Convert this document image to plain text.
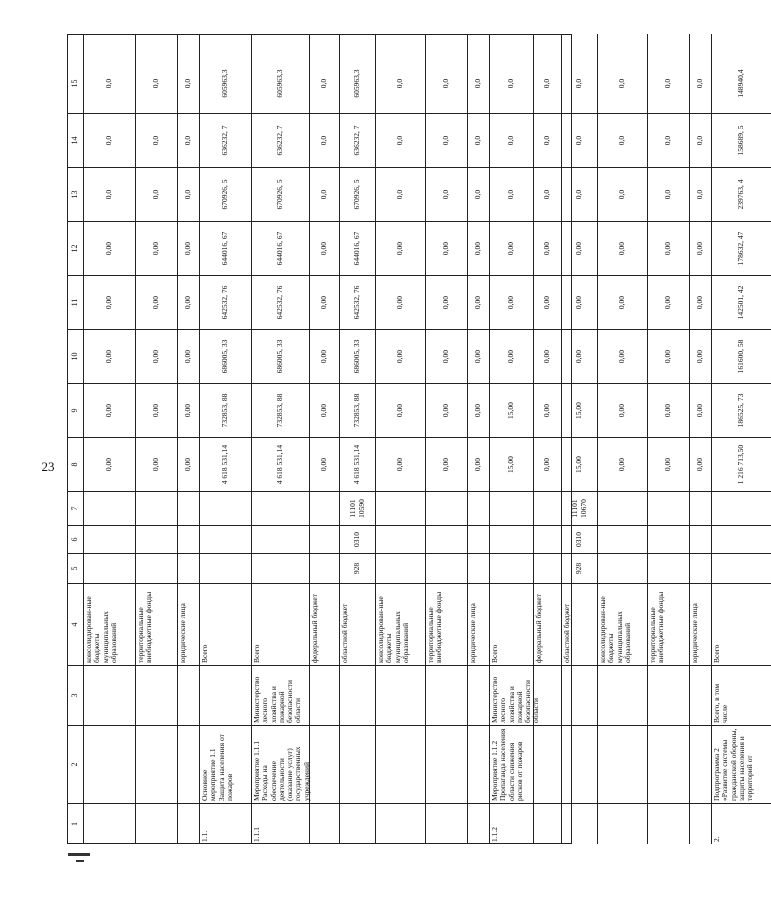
23
1
2
3
4
5
6
7
8
9
10
11
12
13
14
15
консолидирован-ные бюджеты муниципальных образований
0,00
0,00
0,00
0,00
0,00
0,0
0,0
0,0
территориальные внебюджетные фонды
0,00
0,00
0,00
0,00
0,00
0,0
0,0
0,0
юридические лица
0,00
0,00
0,00
0,00
0,00
0,0
0,0
0,0
1.1.
Основное мероприятие 1.1 Защита населения от пожаров
Всего
4 618 531,14
732853, 88
686005, 33
642532, 76
644016, 67
670926, 5
636232, 7
605963,3
1.1.1
Мероприятие 1.1.1 Расходы на обеспечение деятельности (оказание услуг) государственных учреждений
Министерство лесного хозяйства и пожарной безопасности области
Всего
4 618 531,14
732853, 88
686005, 33
642532, 76
644016, 67
670926, 5
636232, 7
605963,3
федеральный бюджет
0,00
0,00
0,00
0,00
0,00
0,0
0,0
0,0
областной бюджет
928
0310
11101 10590
4 618 531,14
732853, 88
686005, 33
642532, 76
644016, 67
670926, 5
636232, 7
605963,3
консолидирован-ные бюджеты муниципальных образований
0,00
0,00
0,00
0,00
0,00
0,0
0,0
0,0
территориальные внебюджетные фонды
0,00
0,00
0,00
0,00
0,00
0,0
0,0
0,0
юридические лица
0,00
0,00
0,00
0,00
0,00
0,0
0,0
0,0
1.1.2
Мероприятие 1.1.2 Пропаганда населения области снижения рисков от пожаров
Министерство лесного хозяйства и пожарной безопасности области
Всего
15,00
15,00
0,00
0,00
0,00
0,0
0,0
0,0
федеральный бюджет
0,00
0,00
0,00
0,00
0,00
0,0
0,0
0,0
областной бюджет
928
0310
11101 10670
15,00
15,00
0,00
0,00
0,00
0,0
0,0
0,0
консолидирован-ные бюджеты муниципальных образований
0,00
0,00
0,00
0,00
0,00
0,0
0,0
0,0
территориальные внебюджетные фонды
0,00
0,00
0,00
0,00
0,00
0,0
0,0
0,0
юридические лица
0,00
0,00
0,00
0,00
0,00
0,0
0,0
0,0
2.
Подпрограмма 2 «Развитие системы гражданской обороны, защиты населения и территорий от
Всего, в том числе
Всего
1 216 713,50
186525, 73
161600, 58
142501, 42
178632, 47
239763, 4
158689, 5
148940,4
